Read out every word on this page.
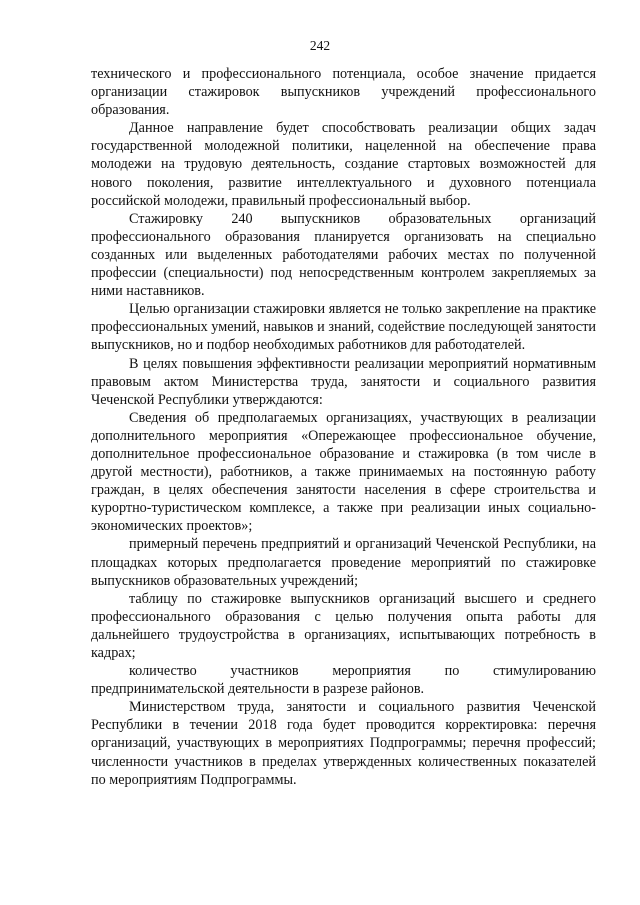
242

технического и профессионального потенциала, особое значение придается организации стажировок выпускников учреждений профессионального образования.

Данное направление будет способствовать реализации общих задач государственной молодежной политики, нацеленной на обеспечение права молодежи на трудовую деятельность, создание стартовых возможностей для нового поколения, развитие интеллектуального и духовного потенциала российской молодежи, правильный профессиональный выбор.

Стажировку 240 выпускников образовательных организаций профессионального образования планируется организовать на специально созданных или выделенных работодателями рабочих местах по полученной профессии (специальности) под непосредственным контролем закрепляемых за ними наставников.

Целью организации стажировки является не только закрепление на практике профессиональных умений, навыков и знаний, содействие последующей занятости выпускников, но и подбор необходимых работников для работодателей.

В целях повышения эффективности реализации мероприятий нормативным правовым актом Министерства труда, занятости и социального развития Чеченской Республики утверждаются:

Сведения об предполагаемых организациях, участвующих в реализации дополнительного мероприятия «Опережающее профессиональное обучение, дополнительное профессиональное образование и стажировка (в том числе в другой местности), работников, а также принимаемых на постоянную работу граждан, в целях обеспечения занятости населения в сфере строительства и курортно-туристическом комплексе, а также при реализации иных социально-экономических проектов»;

примерный перечень предприятий и организаций Чеченской Республики, на площадках которых предполагается проведение мероприятий по стажировке выпускников образовательных учреждений;

таблицу по стажировке выпускников организаций высшего и среднего профессионального образования с целью получения опыта работы для дальнейшего трудоустройства в организациях, испытывающих потребность в кадрах;

количество участников мероприятия по стимулированию предпринимательской деятельности в разрезе районов.

Министерством труда, занятости и социального развития Чеченской Республики в течении 2018 года будет проводится корректировка: перечня организаций, участвующих в мероприятиях Подпрограммы; перечня профессий; численности участников в пределах утвержденных количественных показателей по мероприятиям Подпрограммы.
